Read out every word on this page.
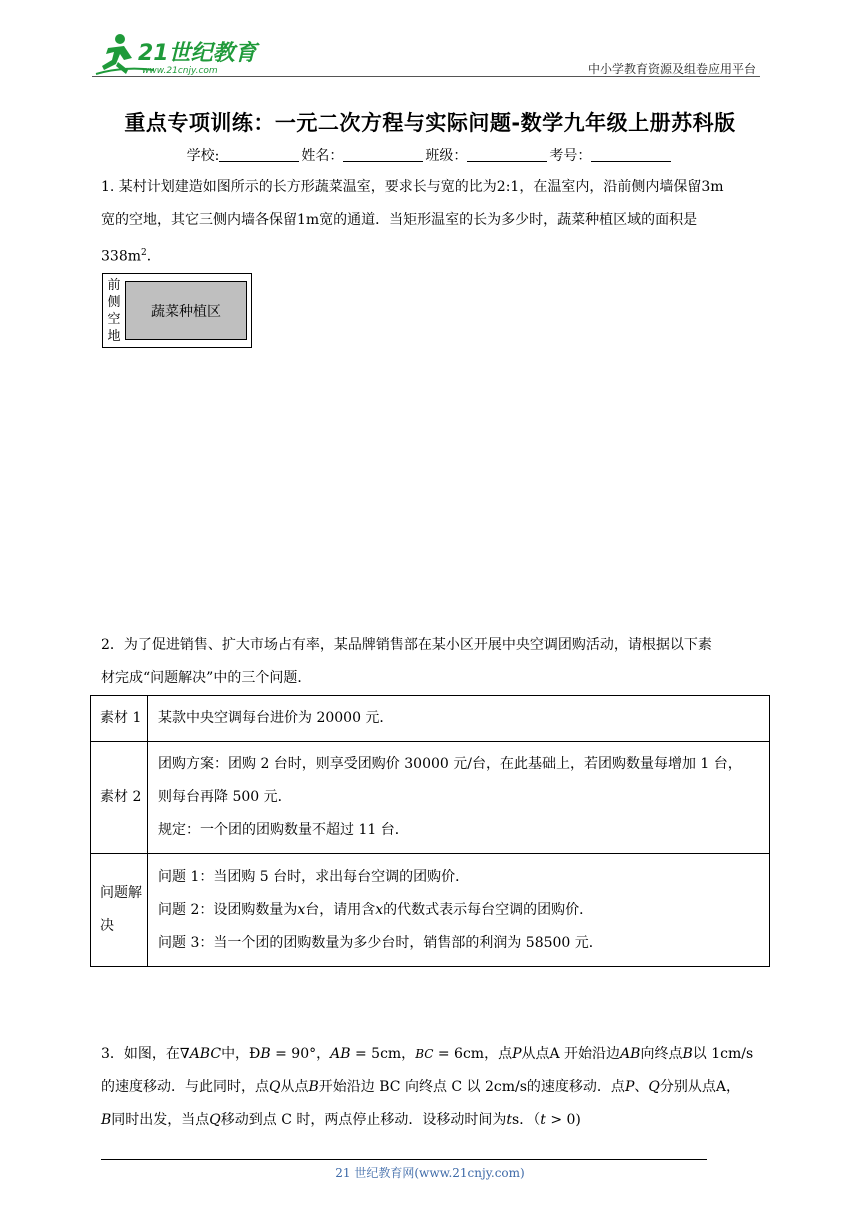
21世纪教育
www.21cnjy.com	中小学教育资源及组卷应用平台
重点专项训练：一元二次方程与实际问题-数学九年级上册苏科版
学校:	姓名：	班级：	考号：
1. 某村计划建造如图所示的长方形蔬菜温室，要求长与宽的比为2:1，在温室内，沿前侧内墙保留3m
宽的空地，其它三侧内墙各保留1m宽的通道．当矩形温室的长为多少时，蔬菜种植区域的面积是
$338m^2$．
前
侧
空
地
蔬菜种植区
2．为了促进销售、扩大市场占有率，某品牌销售部在某小区开展中央空调团购活动，请根据以下素
材完成“问题解决”中的三个问题．
素材 1	某款中央空调每台进价为 20000 元．
素材 2	团购方案：团购 2 台时，则享受团购价 30000 元/台，在此基础上，若团购数量每增加 1 台，
则每台再降 500 元．
规定：一个团的团购数量不超过 11 台．

问题解决	问题 1：当团购 5 台时，求出每台空调的团购价．
问题 2：设团购数量为x台，请用含x的代数式表示每台空调的团购价．
问题 3：当一个团的团购数量为多少台时，销售部的利润为 58500 元．
3．如图，在∇ABC中，ÐB = 90°，AB = 5cm，BC = 6cm，点P从点A 开始沿边AB向终点B以 1cm/s
的速度移动．与此同时，点Q从点B开始沿边 BC 向终点 C 以 2cm/s的速度移动．点P、Q分别从点A，
B同时出发，当点Q移动到点 C 时，两点停止移动．设移动时间为ts．（t > 0)
21 世纪教育网(www.21cnjy.com)
